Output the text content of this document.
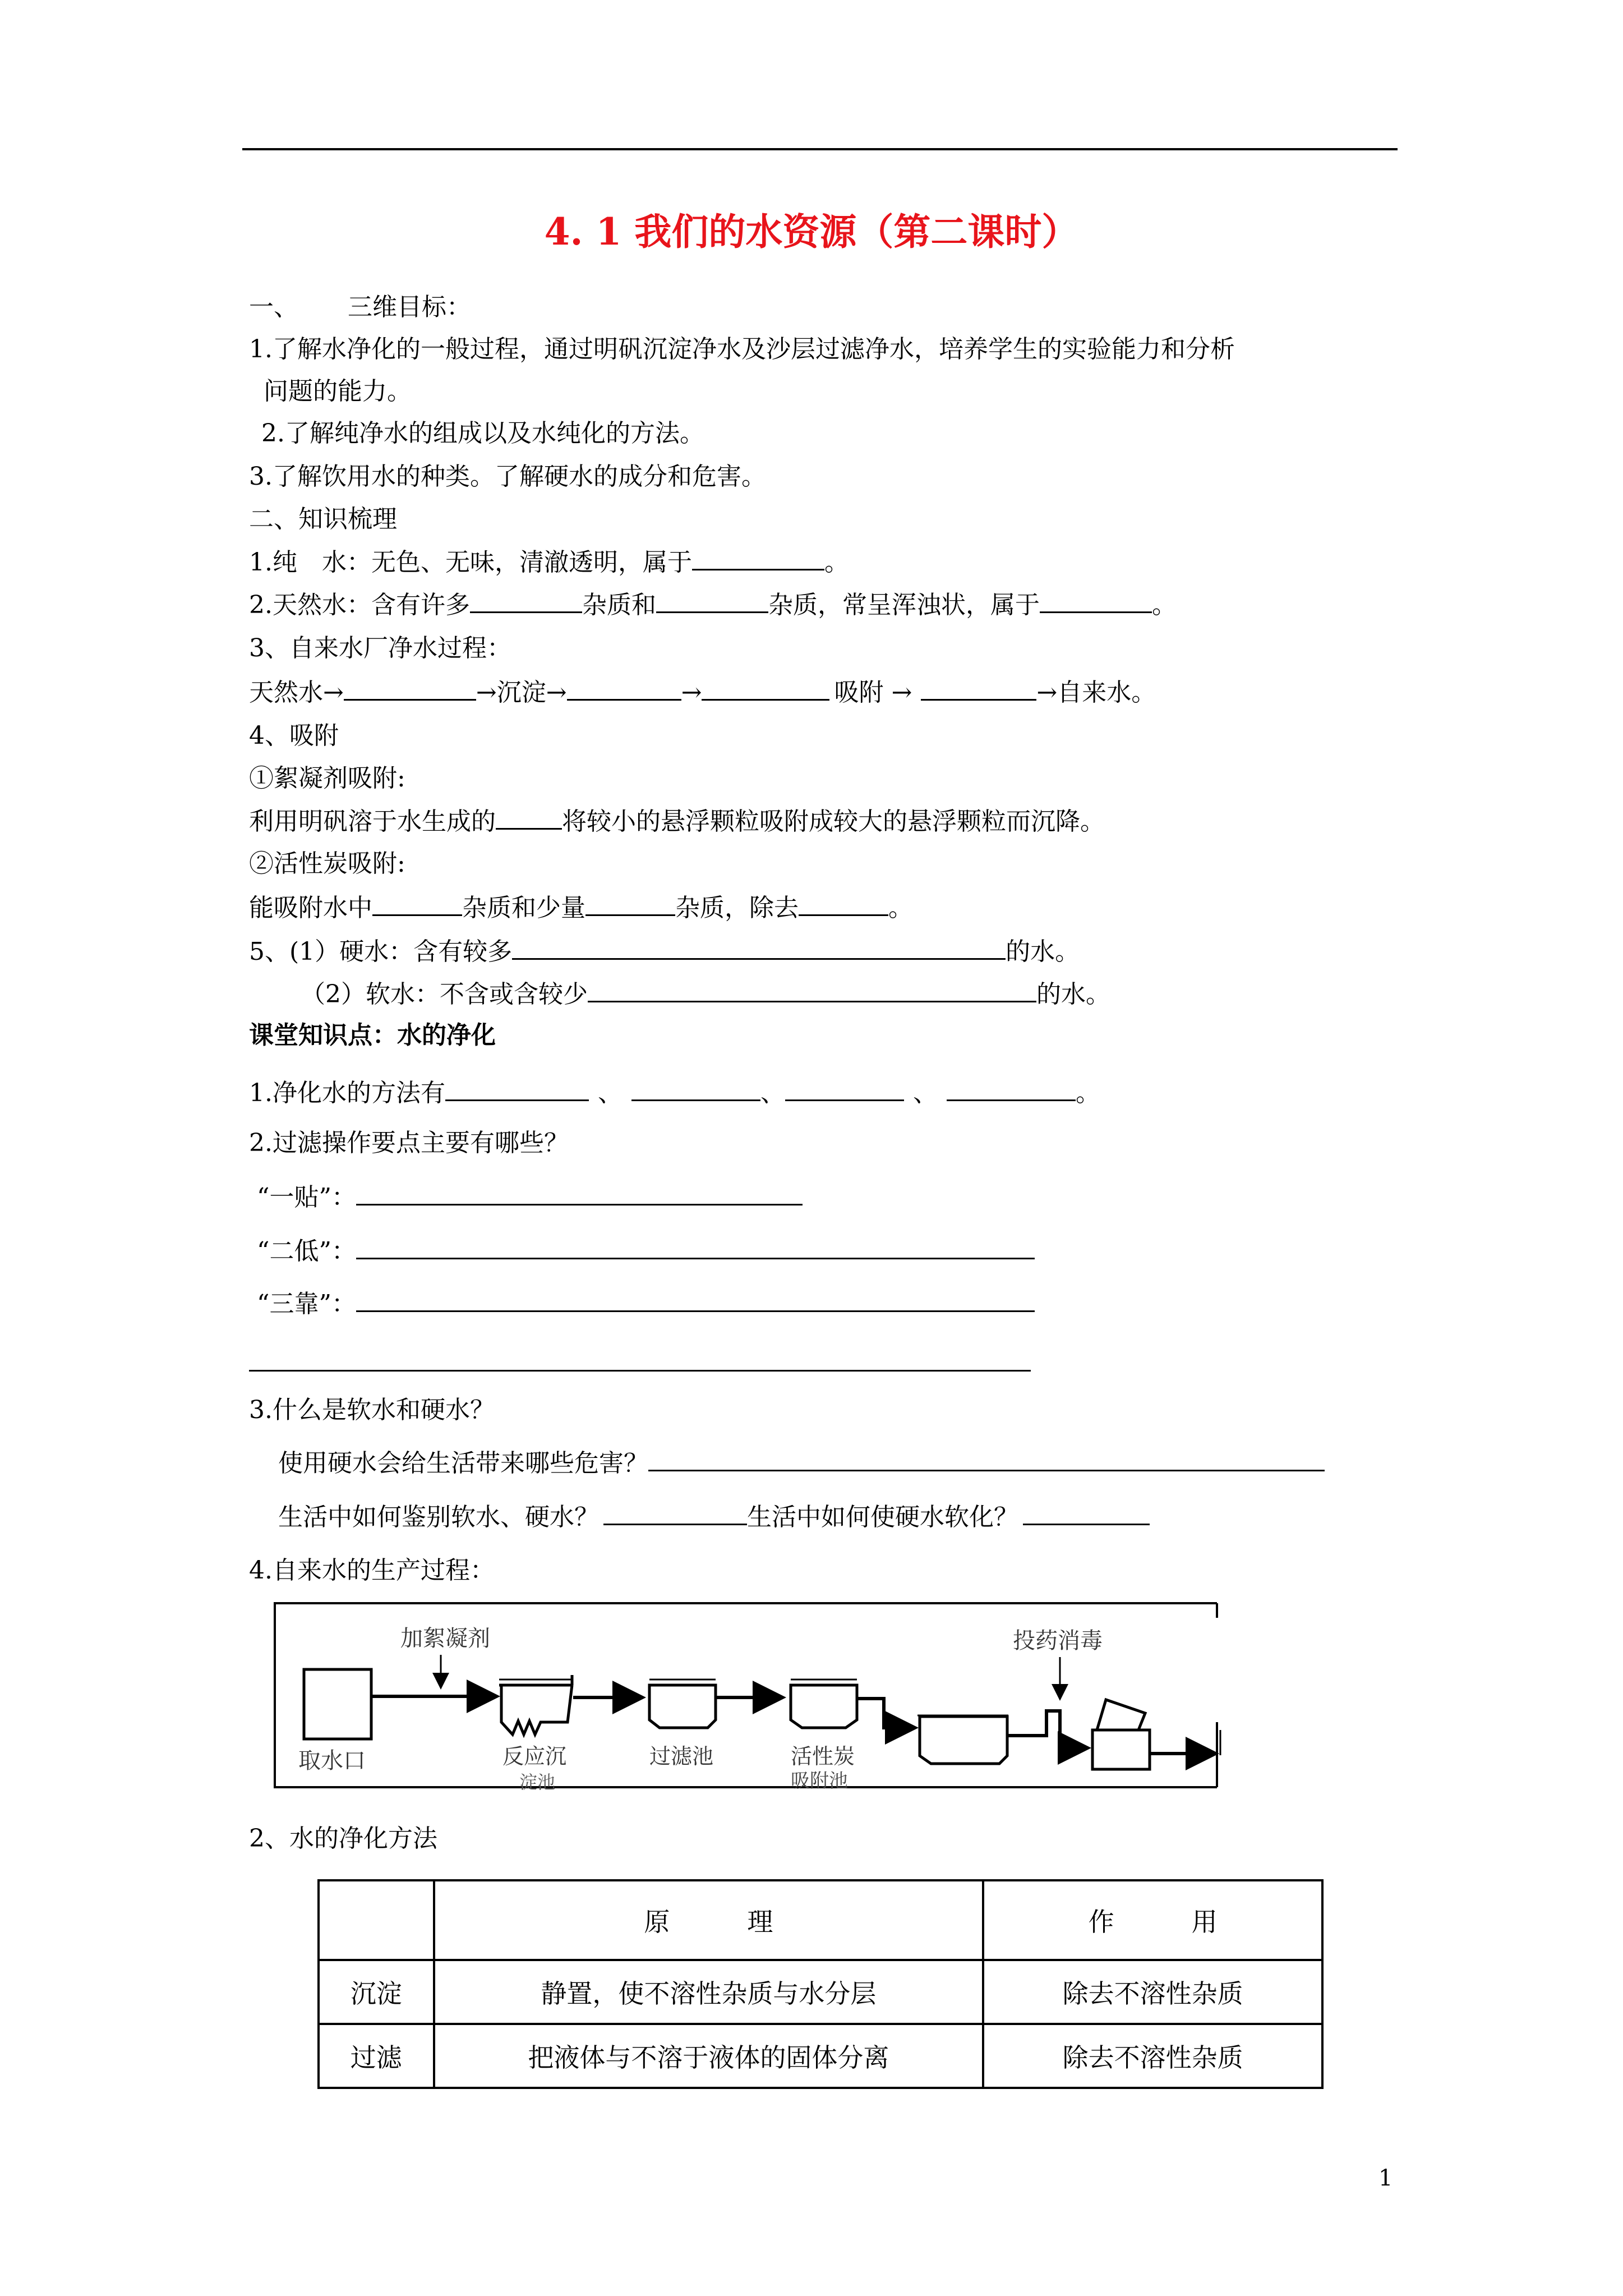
4. 1 我们的水资源（第二课时）
一、 三维目标：
1.了解水净化的一般过程，通过明矾沉淀净水及沙层过滤净水，培养学生的实验能力和分析
问题的能力。
2.了解纯净水的组成以及水纯化的方法。
3.了解饮用水的种类。了解硬水的成分和危害。
二、知识梳理
1.纯　水：无色、无味，清澈透明，属于	。
2.天然水：含有许多	杂质和	杂质，常呈浑浊状，属于	。
3、自来水厂净水过程：
天然水→	→沉淀→	→	吸附 →	→自来水。
4、吸附
①絮凝剂吸附:
利用明矾溶于水生成的	将较小的悬浮颗粒吸附成较大的悬浮颗粒而沉降。
②活性炭吸附:
能吸附水中	杂质和少量	杂质，除去	。
5、(1）硬水：含有较多	的水。
（2）软水：不含或含较少	的水。
课堂知识点：水的净化
1.净化水的方法有	、	、	、	。
2.过滤操作要点主要有哪些？
“一贴”：
“二低”：
“三靠”：
3.什么是软水和硬水？
使用硬水会给生活带来哪些危害？
生活中如何鉴别软水、硬水？	生活中如何使硬水软化？
4.自来水的生产过程：
加絮凝剂	投药消毒
取水口	反应沉
淀池
过滤池	活性炭
吸附池
2、水的净化方法
	原　　　理	作　　　用
沉淀	静置，使不溶性杂质与水分层	除去不溶性杂质
过滤	把液体与不溶于液体的固体分离	除去不溶性杂质
1
